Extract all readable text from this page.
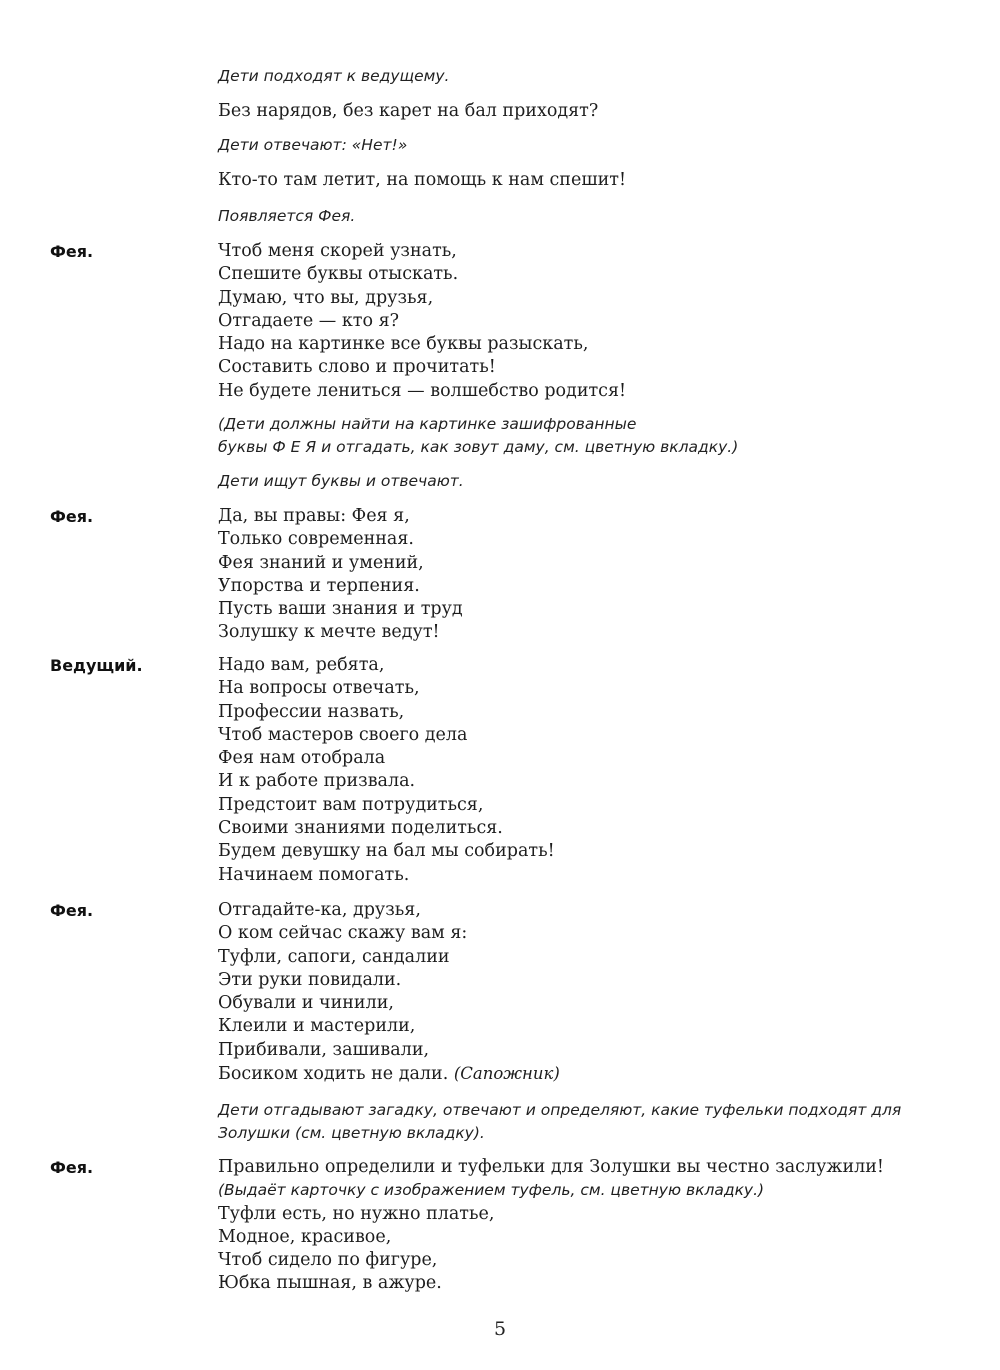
Дети подходят к ведущему.
Без нарядов, без карет на бал приходят?
Дети отвечают: «Нет!»
Кто-то там летит, на помощь к нам спешит!
Появляется Фея.
Фея.	Чтоб меня скорей узнать,
Спешите буквы отыскать.
Думаю, что вы, друзья,
Отгадаете — кто я?
Надо на картинке все буквы разыскать,
Составить слово и прочитать!
Не будете лениться — волшебство родится!
(Дети должны найти на картинке зашифрованные
буквы Ф Е Я и отгадать, как зовут даму, см. цветную вкладку.)
Дети ищут буквы и отвечают.
Фея.	Да, вы правы: Фея я,
Только современная.
Фея знаний и умений,
Упорства и терпения.
Пусть ваши знания и труд
Золушку к мечте ведут!
Ведущий.	Надо вам, ребята,
На вопросы отвечать,
Профессии назвать,
Чтоб мастеров своего дела
Фея нам отобрала
И к работе призвала.
Предстоит вам потрудиться,
Своими знаниями поделиться.
Будем девушку на бал мы собирать!
Начинаем помогать.
Фея.	Отгадайте-ка, друзья,
О ком сейчас скажу вам я:
Туфли, сапоги, сандалии
Эти руки повидали.
Обували и чинили,
Клеили и мастерили,
Прибивали, зашивали,
Босиком ходить не дали. (Сапожник)
Дети отгадывают загадку, отвечают и определяют, какие туфельки подходят для
Золушки (см. цветную вкладку).
Фея.	Правильно определили и туфельки для Золушки вы честно заслужили!
(Выдаёт карточку с изображением туфель, см. цветную вкладку.)
Туфли есть, но нужно платье,
Модное, красивое,
Чтоб сидело по фигуре,
Юбка пышная, в ажуре.
5
